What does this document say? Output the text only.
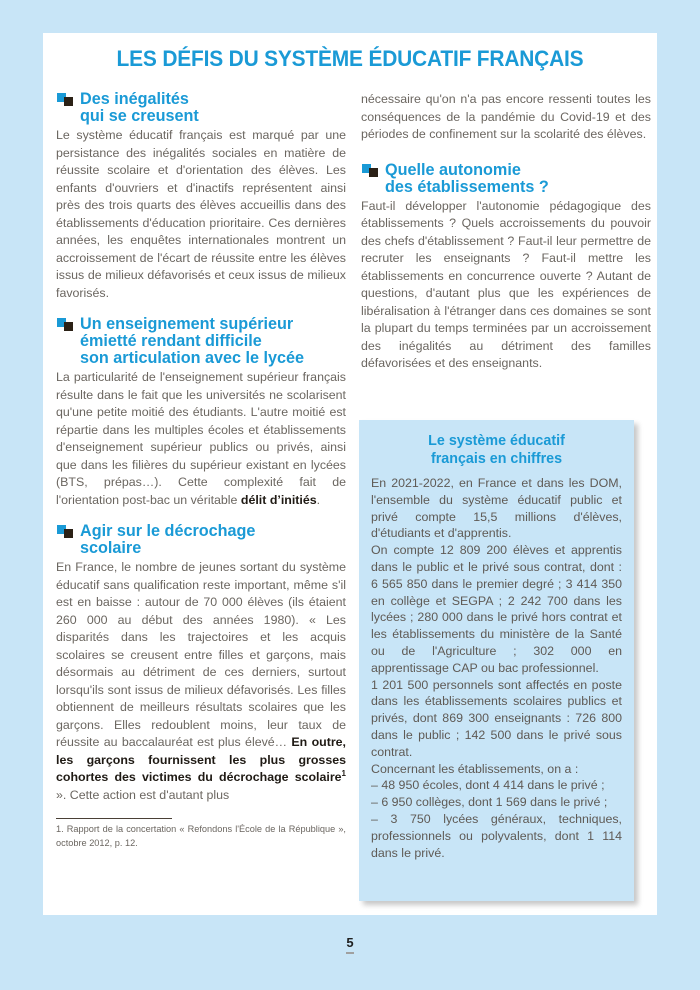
LES DÉFIS DU SYSTÈME ÉDUCATIF FRANÇAIS
Des inégalités
qui se creusent

Le système éducatif français est marqué par une persistance des inégalités sociales en matière de réussite scolaire et d'orientation des élèves. Les enfants d'ouvriers et d'inactifs représentent ainsi près des trois quarts des élèves accueillis dans des établissements d'éducation prioritaire. Ces dernières années, les enquêtes internationales montrent un accroissement de l'écart de réussite entre les élèves issus de milieux défavorisés et ceux issus de milieux favorisés.

Un enseignement supérieur
émietté rendant difficile
son articulation avec le lycée

La particularité de l'enseignement supérieur français résulte dans le fait que les universités ne scolarisent qu'une petite moitié des étudiants. L'autre moitié est répartie dans les multiples écoles et établissements d'enseignement supérieur publics ou privés, ainsi que dans les filières du supérieur existant en lycées (BTS, prépas…). Cette complexité fait de l'orientation post-bac un véritable délit d’initiés.

Agir sur le décrochage
scolaire

En France, le nombre de jeunes sortant du système éducatif sans qualification reste important, même s'il est en baisse : autour de 70 000 élèves (ils étaient 260 000 au début des années 1980). « Les disparités dans les trajectoires et les acquis scolaires se creusent entre filles et garçons, mais désormais au détriment de ces derniers, surtout lorsqu'ils sont issus de milieux défavorisés. Les filles obtiennent de meilleurs résultats scolaires que les garçons. Elles redoublent moins, leur taux de réussite au baccalauréat est plus élevé… En outre, les garçons fournissent les plus grosses cohortes des victimes du décrochage scolaire$^1$ ». Cette action est d'autant plus

1. Rapport de la concertation « Refondons l'École de la République », octobre 2012, p. 12.

nécessaire qu'on n'a pas encore ressenti toutes les conséquences de la pandémie du Covid-19 et des périodes de confinement sur la scolarité des élèves.

Quelle autonomie
des établissements ?

Faut-il développer l'autonomie pédagogique des établissements ? Quels accroissements du pouvoir des chefs d'établissement ? Faut-il leur permettre de recruter les enseignants ? Faut-il mettre les établissements en concurrence ouverte ? Autant de questions, d'autant plus que les expériences de libéralisation à l'étranger dans ces domaines se sont la plupart du temps terminées par un accroissement des inégalités au détriment des familles défavorisées et des enseignants.

Le système éducatif
français en chiffres

En 2021-2022, en France et dans les DOM, l'ensemble du système éducatif public et privé compte 15,5 millions d'élèves, d'étudiants et d'apprentis.

On compte 12 809 200 élèves et apprentis dans le public et le privé sous contrat, dont : 6 565 850 dans le premier degré ; 3 414 350 en collège et SEGPA ; 2 242 700 dans les lycées ; 280 000 dans le privé hors contrat et les établissements du ministère de la Santé ou de l'Agriculture ; 302 000 en apprentissage CAP ou bac professionnel.

1 201 500 personnels sont affectés en poste dans les établissements scolaires publics et privés, dont 869 300 enseignants : 726 800 dans le public ; 142 500 dans le privé sous contrat.

Concernant les établissements, on a :

– 48 950 écoles, dont 4 414 dans le privé ;

– 6 950 collèges, dont 1 569 dans le privé ;

– 3 750 lycées généraux, techniques, professionnels ou polyvalents, dont 1 114 dans le privé.

5
